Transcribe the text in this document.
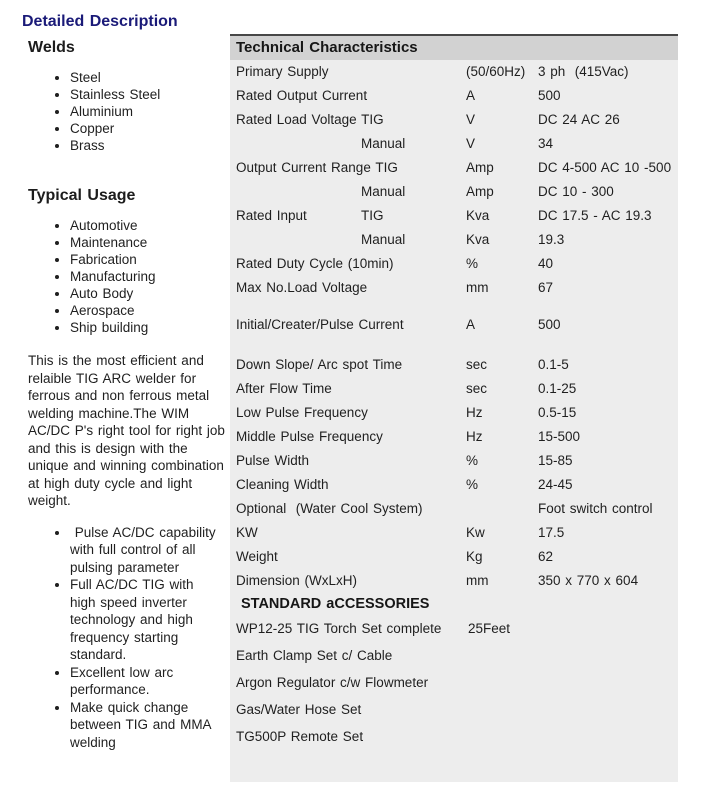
Detailed Description
Welds
• Steel
• Stainless Steel
• Aluminium
• Copper
• Brass
Typical Usage
• Automotive
• Maintenance
• Fabrication
• Manufacturing
• Auto Body
• Aerospace
• Ship building

This is the most efficient and relaible TIG ARC welder for ferrous and non ferrous metal welding machine.The WIM AC/DC P's right tool for right job and this is design with the unique and winning combination at high duty cycle and light weight.

•  Pulse AC/DC capability with full control of all pulsing parameter
• Full AC/DC TIG with high speed inverter technology and high frequency starting standard.
• Excellent low arc performance.
• Make quick change between TIG and MMA welding
Technical Characteristics
Primary Supply	(50/60Hz) 3 ph  (415Vac)
Rated Output Current	A	500
Rated Load Voltage TIG	V	DC 24 AC 26
Manual	V	34
Output Current Range TIG	Amp	DC 4-500 AC 10 -500
Manual	Amp	DC 10 - 300
Rated Input	TIG	Kva	DC 17.5 - AC 19.3
Manual	Kva	19.3
Rated Duty Cycle (10min)	%	40
Max No.Load Voltage	mm	67
Initial/Creater/Pulse Current	A	500
Down Slope/ Arc spot Time	sec	0.1-5
After Flow Time	sec	0.1-25
Low Pulse Frequency	Hz	0.5-15
Middle Pulse Frequency	Hz	15-500
Pulse Width	%	15-85
Cleaning Width	%	24-45
Optional  (Water Cool System)	Foot switch control
KW	Kw	17.5
Weight	Kg	62
Dimension (WxLxH)	mm	350 x 770 x 604
STANDARD aCCESSORIES
WP12-25 TIG Torch Set complete 25Feet
Earth Clamp Set c/ Cable
Argon Regulator c/w Flowmeter
Gas/Water Hose Set
TG500P Remote Set
